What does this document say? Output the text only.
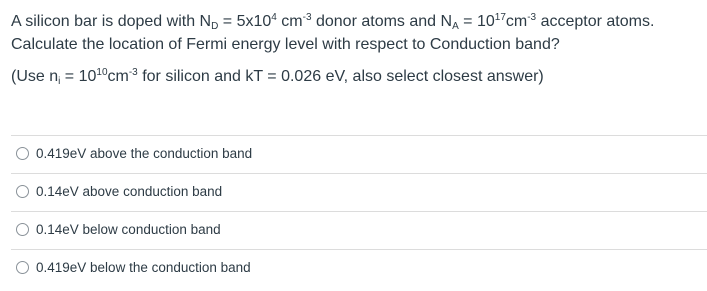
A silicon bar is doped with $N_D = 5x10^4$ $cm^{-3}$ donor atoms and $N_A = 10^{17}cm^{-3}$ acceptor atoms.

Calculate the location of Fermi energy level with respect to Conduction band?

(Use $n_i = 10^{10}cm^{-3}$ for silicon and kT = 0.026 eV, also select closest answer)

0.419eV above the conduction band
0.14eV above conduction band
0.14eV below conduction band
0.419eV below the conduction band
